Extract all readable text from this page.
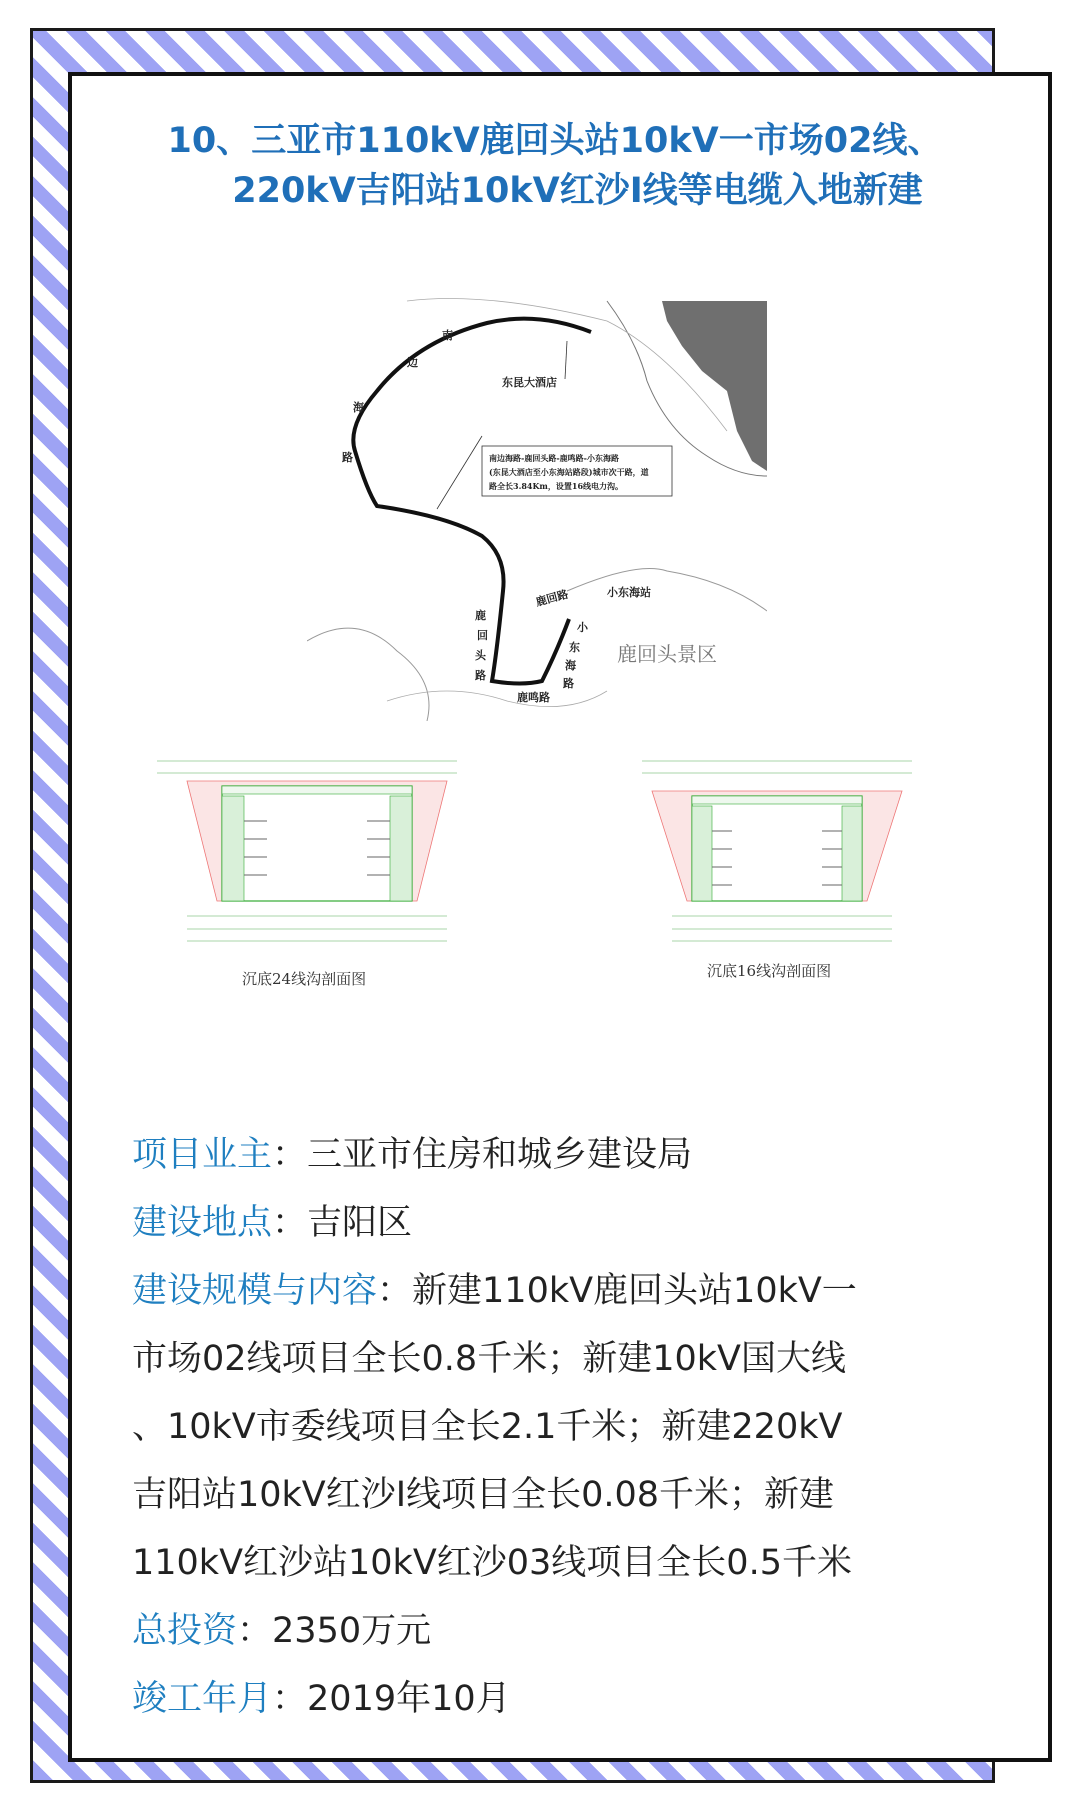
10、三亚市110kV鹿回头站10kV一市场02线、
220kV吉阳站10kV红沙I线等电缆入地新建
南边海路-鹿回头路-鹿鸣路-小东海路
(东昆大酒店至小东海站路段)城市次干路，道
路全长3.84Km，设置16线电力沟。
东昆大酒店
南
边
海
路
鹿
回
头
路
小
东
海
路
鹿鸣路
鹿回路	小东海站
鹿回头景区
沉底24线沟剖面图	沉底16线沟剖面图
项目业主：三亚市住房和城乡建设局
建设地点：吉阳区
建设规模与内容：新建110kV鹿回头站10kV一
市场02线项目全长0.8千米；新建10kV国大线
、10kV市委线项目全长2.1千米；新建220kV
吉阳站10kV红沙I线项目全长0.08千米；新建
110kV红沙站10kV红沙03线项目全长0.5千米
总投资：2350万元
竣工年月：2019年10月
